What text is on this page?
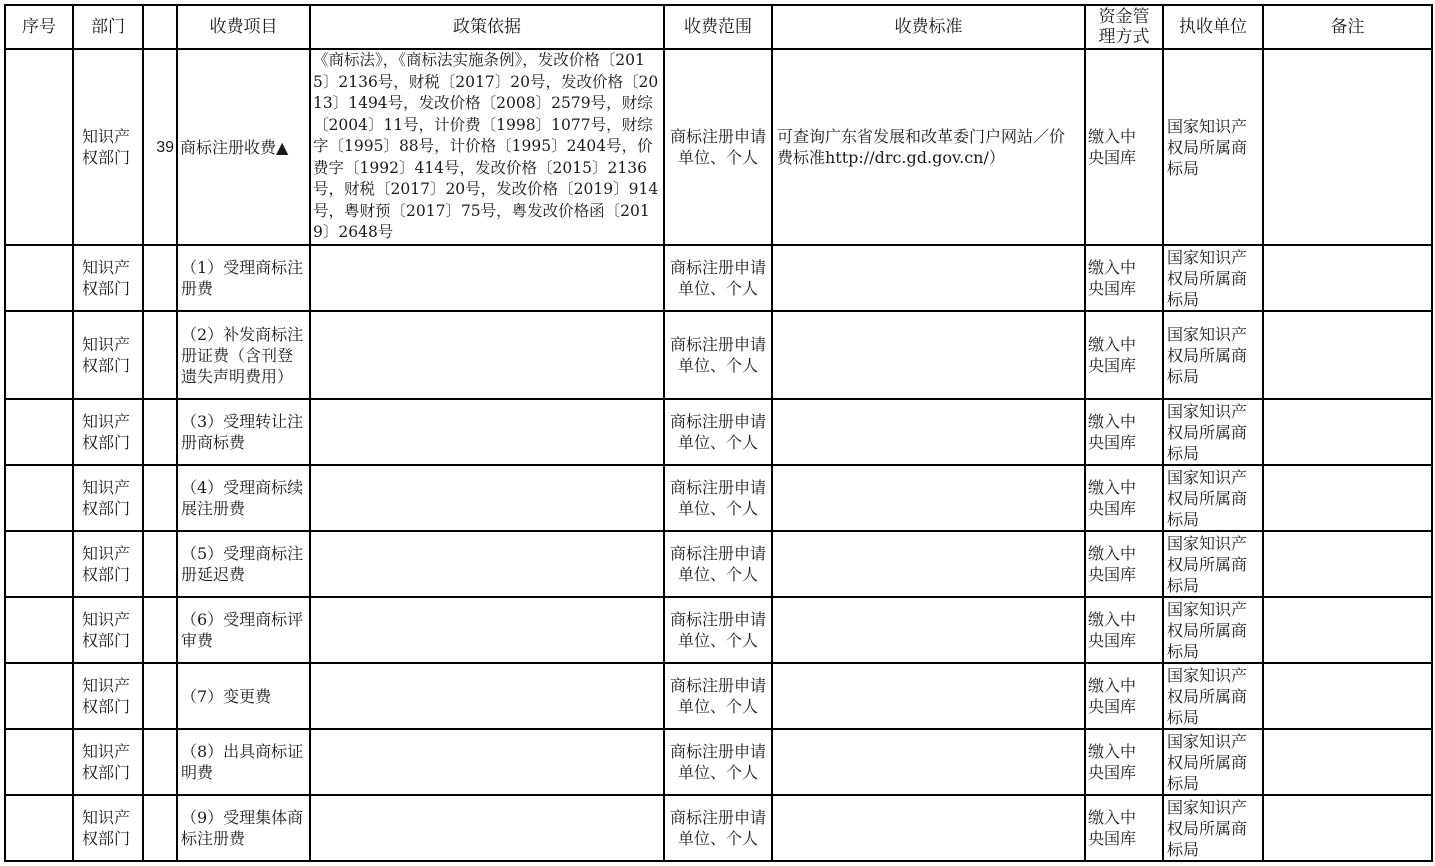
序号	部门		收费项目	政策依据	收费范围	收费标准	资金管理方式	执收单位	备注
	知识产权部门	39	商标注册收费▲	《商标法》，《商标法实施条例》，发改价格〔2015〕2136号，财税〔2017〕20号，发改价格〔2013〕1494号，发改价格〔2008〕2579号，财综〔2004〕11号，计价费〔1998〕1077号，财综字〔1995〕88号，计价格〔1995〕2404号，价费字〔1992〕414号，发改价格〔2015〕2136号，财税〔2017〕20号，发改价格〔2019〕914号，粤财预〔2017〕75号，粤发改价格函〔2019〕2648号	商标注册申请单位、个人	可查询广东省发展和改革委门户网站／价费标准http://drc.gd.gov.cn/）	缴入中央国库	国家知识产权局所属商标局	
	知识产权部门		（1）受理商标注册费		商标注册申请单位、个人		缴入中央国库	国家知识产权局所属商标局	
	知识产权部门		（2）补发商标注册证费（含刊登遗失声明费用）		商标注册申请单位、个人		缴入中央国库	国家知识产权局所属商标局	
	知识产权部门		（3）受理转让注册商标费		商标注册申请单位、个人		缴入中央国库	国家知识产权局所属商标局	
	知识产权部门		（4）受理商标续展注册费		商标注册申请单位、个人		缴入中央国库	国家知识产权局所属商标局	
	知识产权部门		（5）受理商标注册延迟费		商标注册申请单位、个人		缴入中央国库	国家知识产权局所属商标局	
	知识产权部门		（6）受理商标评审费		商标注册申请单位、个人		缴入中央国库	国家知识产权局所属商标局	
	知识产权部门		（7）变更费		商标注册申请单位、个人		缴入中央国库	国家知识产权局所属商标局	
	知识产权部门		（8）出具商标证明费		商标注册申请单位、个人		缴入中央国库	国家知识产权局所属商标局	
	知识产权部门		（9）受理集体商标注册费		商标注册申请单位、个人		缴入中央国库	国家知识产权局所属商标局	
